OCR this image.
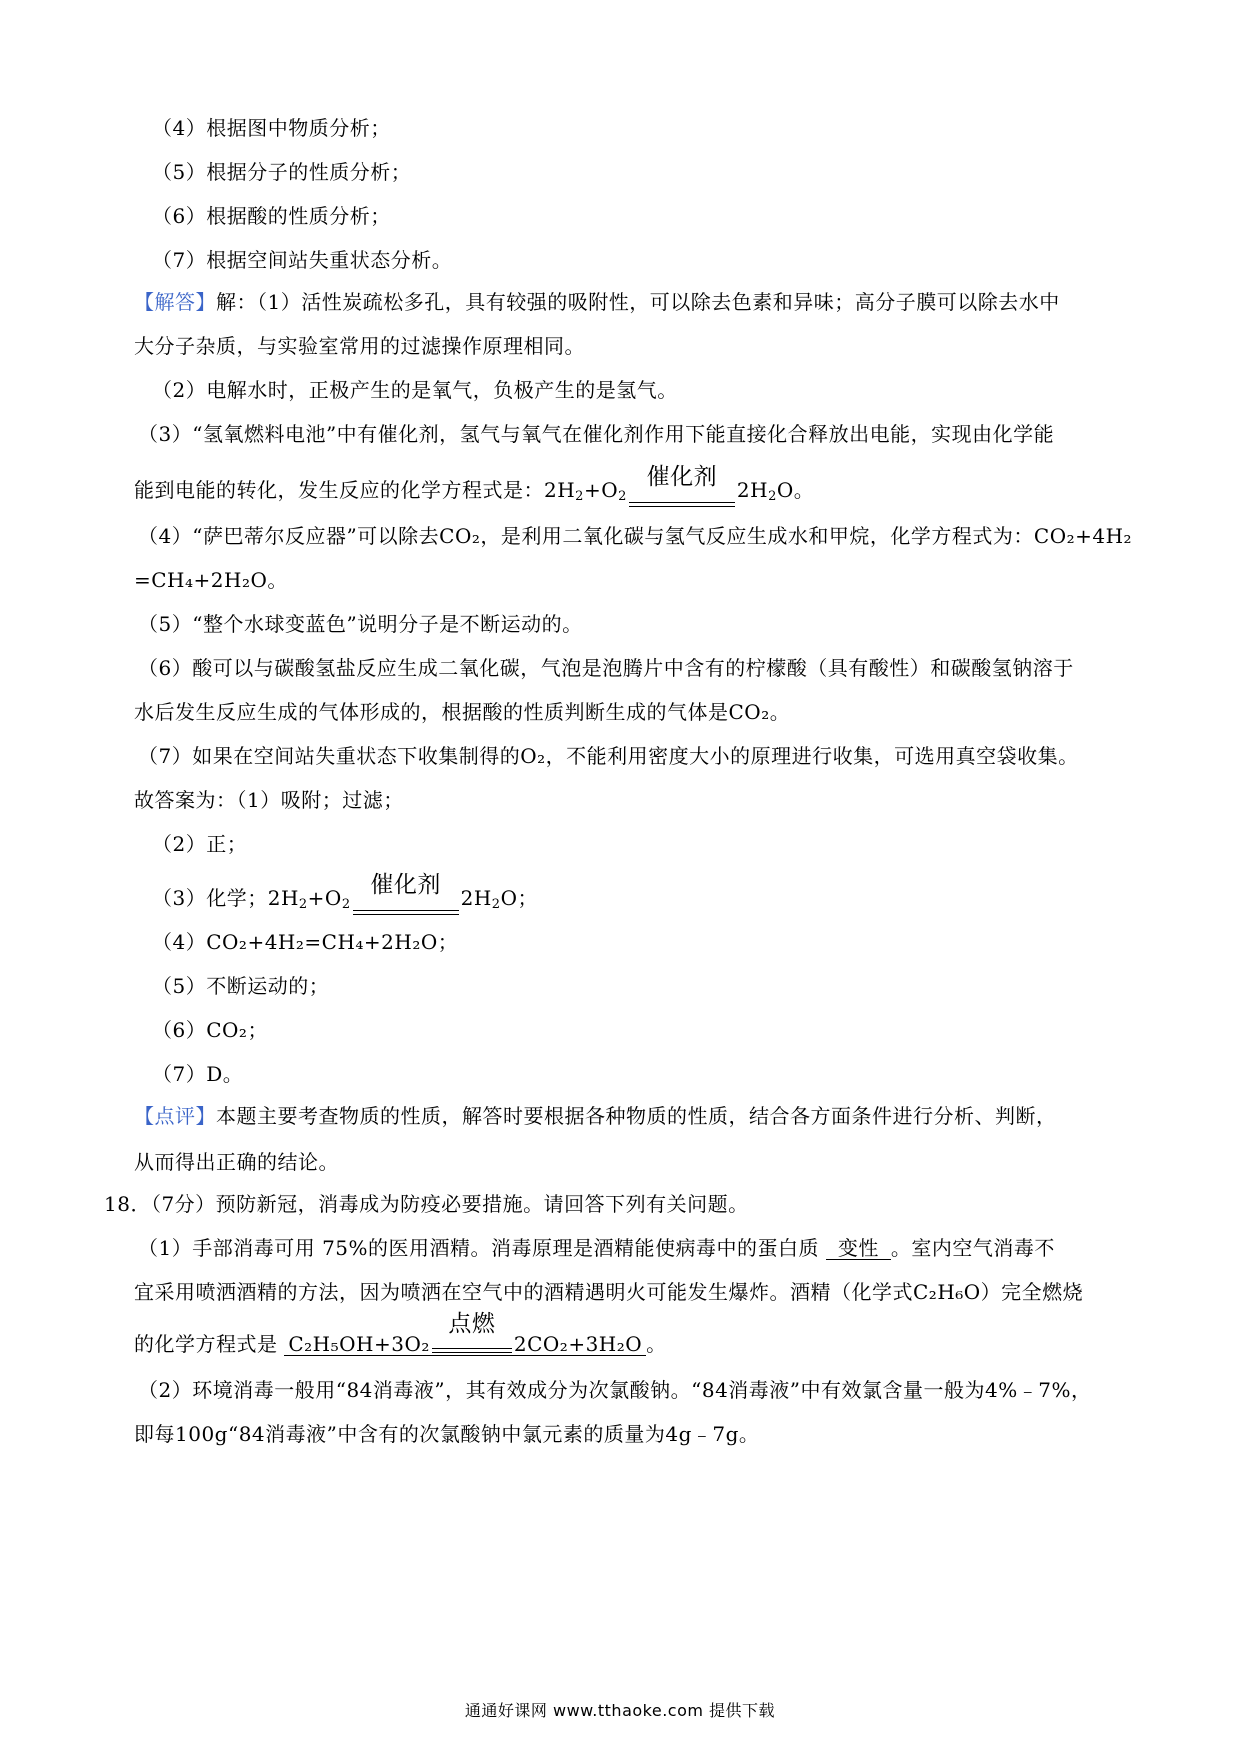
（4）根据图中物质分析；
（5）根据分子的性质分析；
（6）根据酸的性质分析；
（7）根据空间站失重状态分析。
【解答】解：（1）活性炭疏松多孔，具有较强的吸附性，可以除去色素和异味；高分子膜可以除去水中
大分子杂质，与实验室常用的过滤操作原理相同。
（2）电解水时，正极产生的是氧气，负极产生的是氢气。
（3）“氢氧燃料电池”中有催化剂，氢气与氧气在催化剂作用下能直接化合释放出电能，实现由化学能
能到电能的转化，发生反应的化学方程式是：$2H_2+O_2$
催化剂 $2H_2O$。
（4）“萨巴蒂尔反应器”可以除去CO₂，是利用二氧化碳与氢气反应生成水和甲烷，化学方程式为：CO₂+4H₂
=CH₄+2H₂O。
（5）“整个水球变蓝色”说明分子是不断运动的。
（6）酸可以与碳酸氢盐反应生成二氧化碳，气泡是泡腾片中含有的柠檬酸（具有酸性）和碳酸氢钠溶于
水后发生反应生成的气体形成的，根据酸的性质判断生成的气体是CO₂。
（7）如果在空间站失重状态下收集制得的O₂，不能利用密度大小的原理进行收集，可选用真空袋收集。
故答案为：（1）吸附；过滤；
（2）正；
（3）化学；$2H_2+O_2$
催化剂 $2H_2O$；
（4）CO₂+4H₂=CH₄+2H₂O；
（5）不断运动的；
（6）CO₂；
（7）D。
【点评】本题主要考查物质的性质，解答时要根据各种物质的性质，结合各方面条件进行分析、判断，
从而得出正确的结论。
18．（7分）预防新冠，消毒成为防疫必要措施。请回答下列有关问题。
（1）手部消毒可用 75%的医用酒精。消毒原理是酒精能使病毒中的蛋白质 变性 。室内空气消毒不
宜采用喷洒酒精的方法，因为喷洒在空气中的酒精遇明火可能发生爆炸。酒精（化学式C₂H₆O）完全燃烧
的化学方程式是 C₂H₅OH+3O₂
点燃
2CO₂+3H₂O 。
（2）环境消毒一般用“84消毒液”，其有效成分为次氯酸钠。“84消毒液”中有效氯含量一般为4%﹣7%，
即每100g“84消毒液”中含有的次氯酸钠中氯元素的质量为4g﹣7g。
通通好课网 www.tthaoke.com 提供下载
